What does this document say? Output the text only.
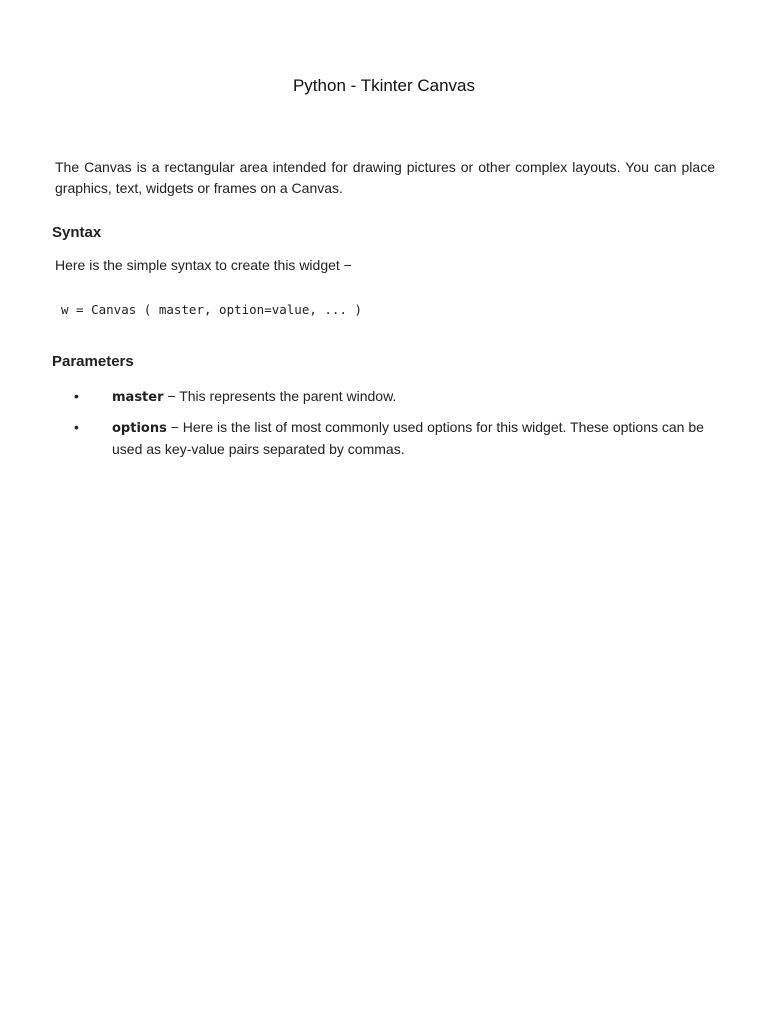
Python - Tkinter Canvas
The Canvas is a rectangular area intended for drawing pictures or other complex layouts. You can place graphics, text, widgets or frames on a Canvas.
Syntax
Here is the simple syntax to create this widget −
w = Canvas ( master, option=value, ... )
Parameters
•	master − This represents the parent window.
•	options − Here is the list of most commonly used options for this widget. These options can be used as key-value pairs separated by commas.
